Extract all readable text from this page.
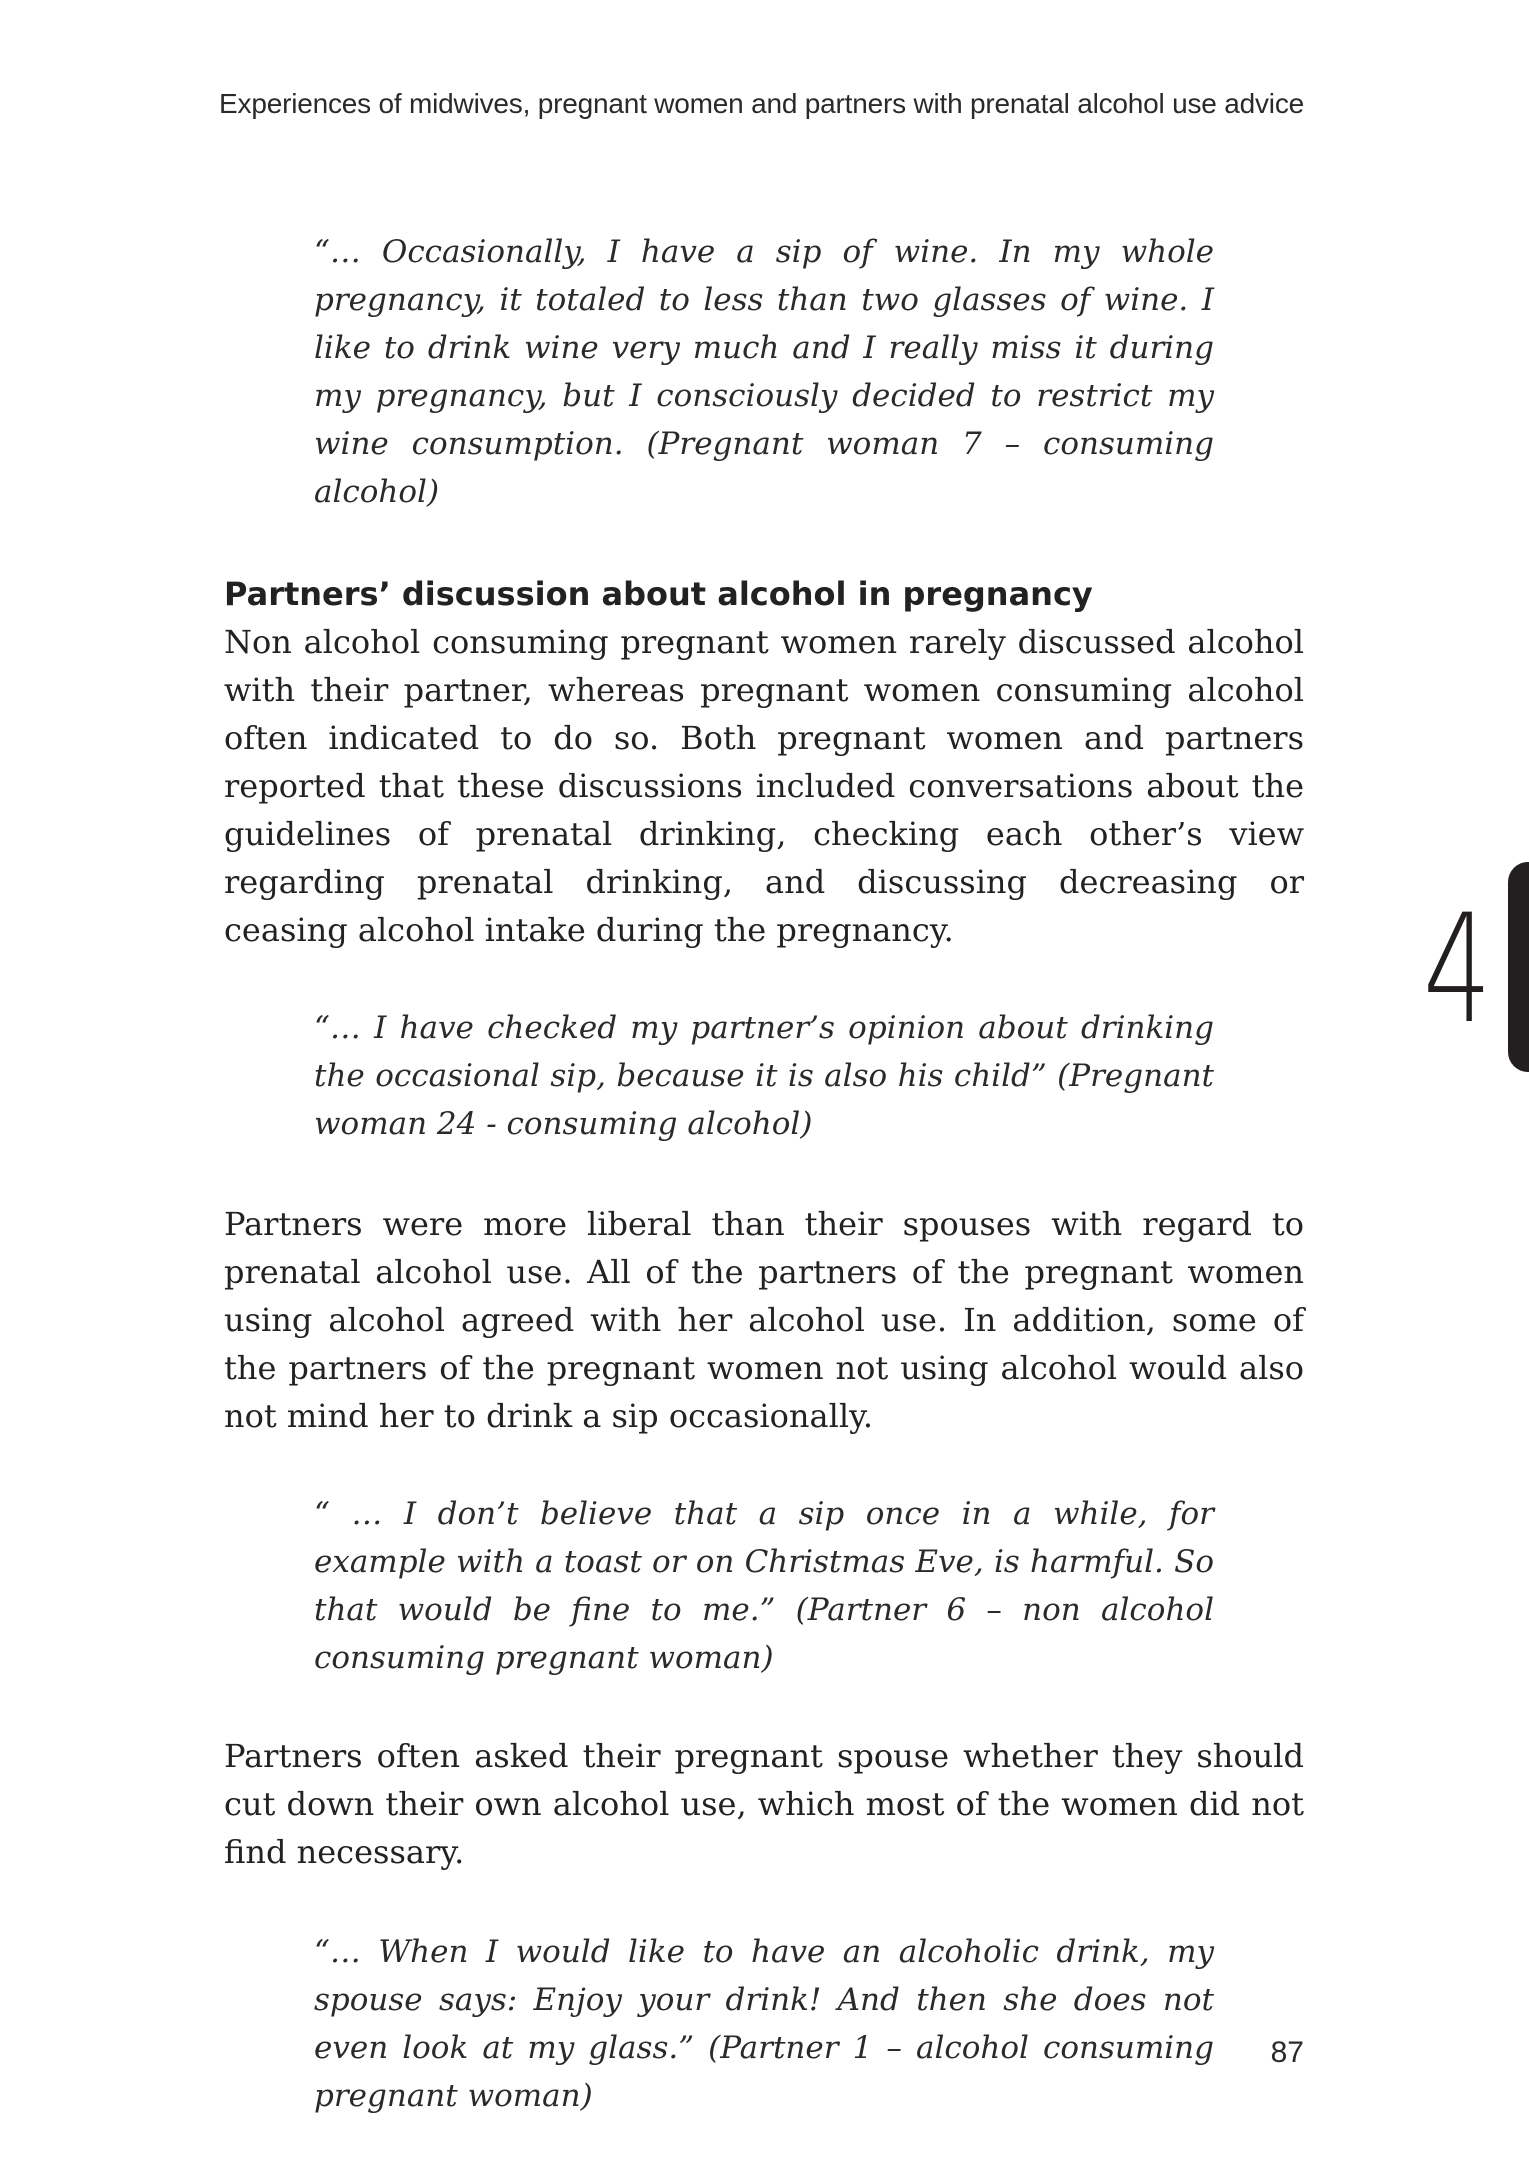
Experiences of midwives, pregnant women and partners with prenatal alcohol use advice

“… Occasionally, I have a sip of wine. In my whole pregnancy, it totaled to less than two glasses of wine. I like to drink wine very much and I really miss it during my pregnancy, but I consciously decided to restrict my wine consumption. (Pregnant woman 7 – consuming alcohol)

Partners’ discussion about alcohol in pregnancy

Non alcohol consuming pregnant women rarely discussed alcohol with their partner, whereas pregnant women consuming alcohol often indicated to do so. Both pregnant women and partners reported that these discussions included conversations about the guidelines of prenatal drinking, checking each other’s view regarding prenatal drinking, and discussing decreasing or ceasing alcohol intake during the pregnancy.

“… I have checked my partner’s opinion about drinking the occasional sip, because it is also his child” (Pregnant woman 24 - consuming alcohol)

Partners were more liberal than their spouses with regard to prenatal alcohol use. All of the partners of the pregnant women using alcohol agreed with her alcohol use. In addition, some of the partners of the pregnant women not using alcohol would also not mind her to drink a sip occasionally.

“ … I don’t believe that a sip once in a while, for example with a toast or on Christmas Eve, is harmful. So that would be fine to me.” (Partner 6 – non alcohol consuming pregnant woman)

Partners often asked their pregnant spouse whether they should cut down their own alcohol use, which most of the women did not find necessary.

“… When I would like to have an alcoholic drink, my spouse says: Enjoy your drink! And then she does not even look at my glass.” (Partner 1 – alcohol consuming pregnant woman)

4
87
